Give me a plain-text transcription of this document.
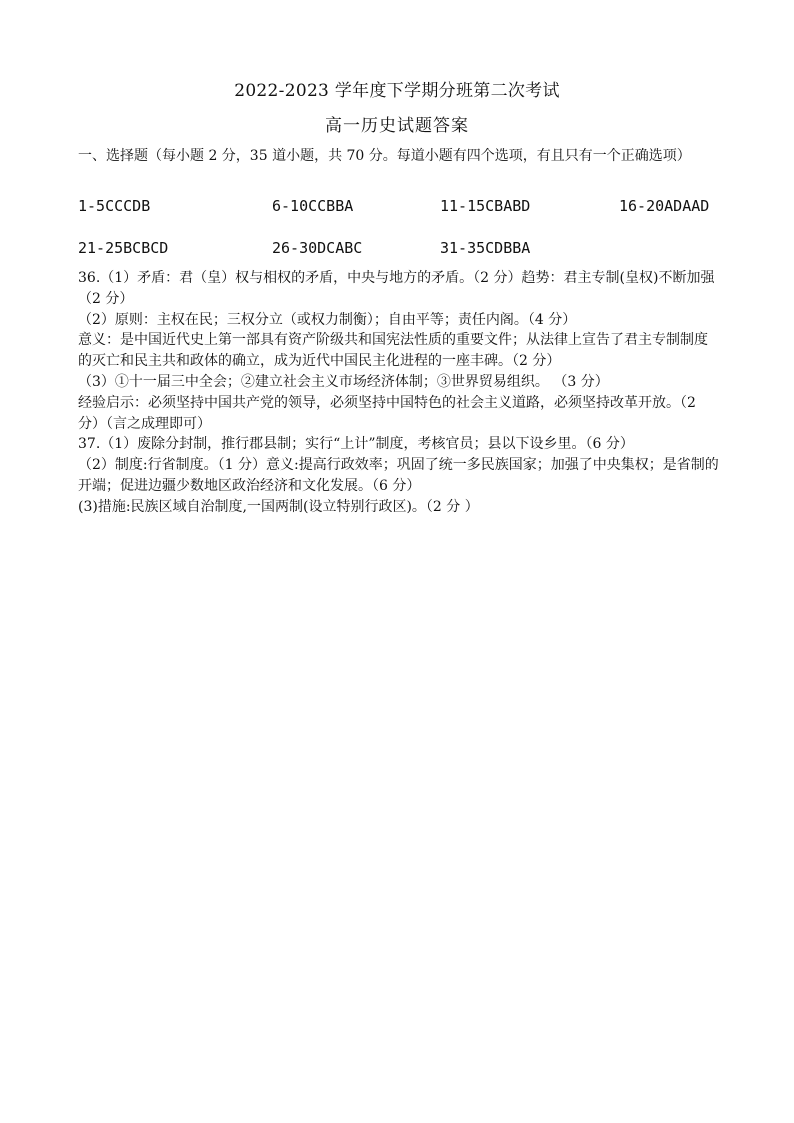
2022-2023 学年度下学期分班第二次考试
高一历史试题答案
一、选择题（每小题 2 分，35 道小题，共 70 分。每道小题有四个选项，有且只有一个正确选项）
1-5CCCDB	6-10CCBBA	11-15CBABD	16-20ADAAD
21-25BCBCD	26-30DCABC	31-35CDBBA

36.（1）矛盾：君（皇）权与相权的矛盾，中央与地方的矛盾。（2 分）趋势：君主专制(皇权)不断加强（2 分）

（2）原则：主权在民；三权分立（或权力制衡）；自由平等；责任内阁。（4 分）

意义：是中国近代史上第一部具有资产阶级共和国宪法性质的重要文件；从法律上宣告了君主专制制度的灭亡和民主共和政体的确立，成为近代中国民主化进程的一座丰碑。（2 分）

（3）①十一届三中全会；②建立社会主义市场经济体制；③世界贸易组织。 （3 分）

经验启示：必须坚持中国共产党的领导，必须坚持中国特色的社会主义道路，必须坚持改革开放。（2 分）（言之成理即可）

37.（1）废除分封制，推行郡县制；实行“上计”制度，考核官员；县以下设乡里。（6 分）

（2）制度:行省制度。（1 分）意义:提高行政效率；巩固了统一多民族国家；加强了中央集权；是省制的开端；促进边疆少数地区政治经济和文化发展。（6 分）

(3)措施:民族区域自治制度,一国两制(设立特别行政区)。（2 分 ）
